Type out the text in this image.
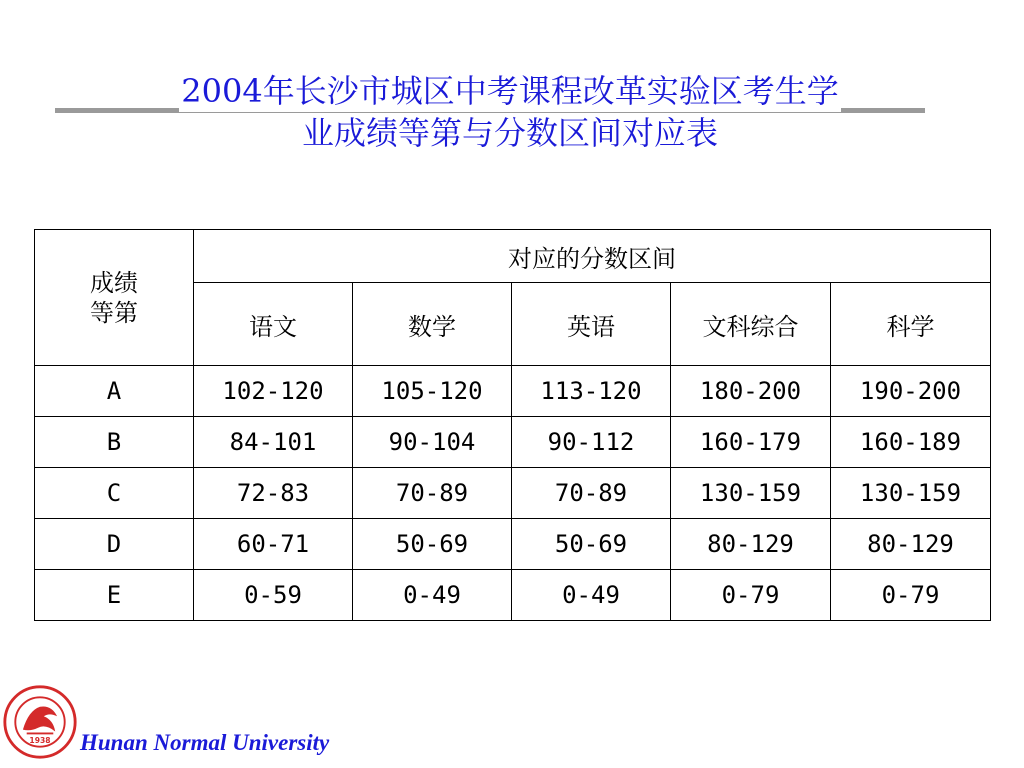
2004年长沙市城区中考课程改革实验区考生学
业成绩等第与分数区间对应表
成绩
等第	对应的分数区间				
	语文	数学	英语	文科综合	科学
A	102-120	105-120	113-120	180-200	190-200
B	84-101	90-104	90-112	160-179	160-189
C	72-83	70-89	70-89	130-159	130-159
D	60-71	50-69	50-69	80-129	80-129
E	0-59	0-49	0-49	0-79	0-79
1938 Hunan Normal University
